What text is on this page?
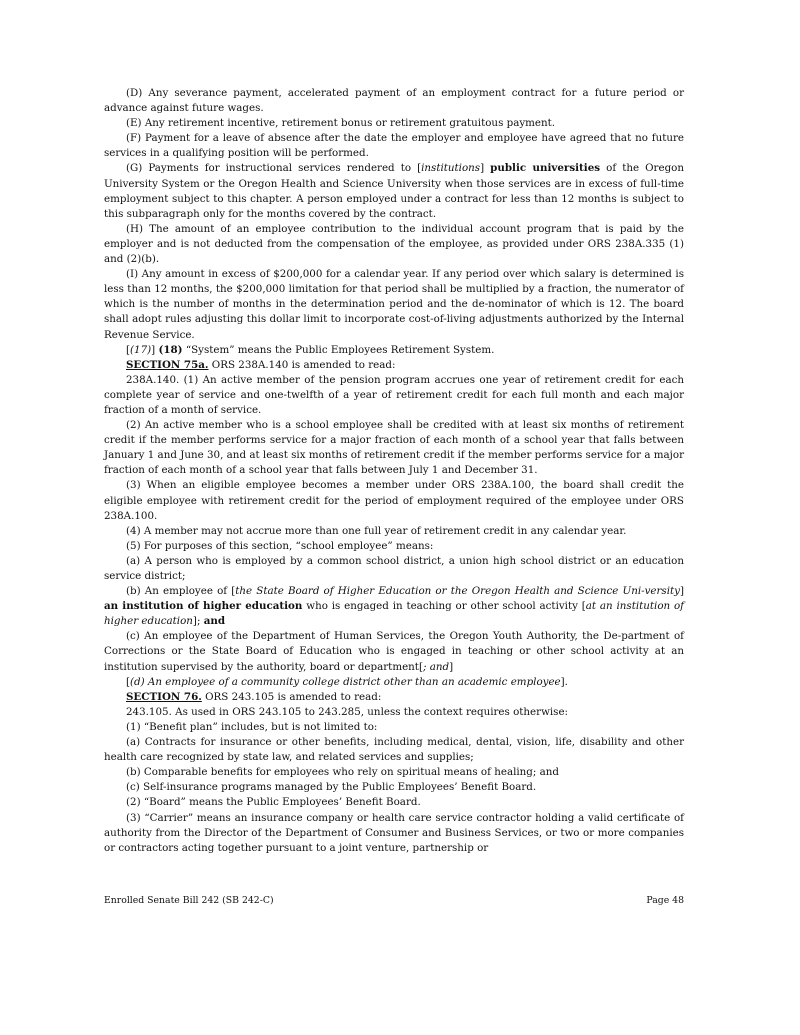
(D) Any severance payment, accelerated payment of an employment contract for a future period or advance against future wages.

(E) Any retirement incentive, retirement bonus or retirement gratuitous payment.

(F) Payment for a leave of absence after the date the employer and employee have agreed that no future services in a qualifying position will be performed.

(G) Payments for instructional services rendered to [institutions] public universities of the Oregon University System or the Oregon Health and Science University when those services are in excess of full-time employment subject to this chapter. A person employed under a contract for less than 12 months is subject to this subparagraph only for the months covered by the contract.

(H) The amount of an employee contribution to the individual account program that is paid by the employer and is not deducted from the compensation of the employee, as provided under ORS 238A.335 (1) and (2)(b).

(I) Any amount in excess of $200,000 for a calendar year. If any period over which salary is determined is less than 12 months, the $200,000 limitation for that period shall be multiplied by a fraction, the numerator of which is the number of months in the determination period and the de-nominator of which is 12. The board shall adopt rules adjusting this dollar limit to incorporate cost-of-living adjustments authorized by the Internal Revenue Service.

[(17)] (18) “System” means the Public Employees Retirement System.

SECTION 75a. ORS 238A.140 is amended to read:

238A.140. (1) An active member of the pension program accrues one year of retirement credit for each complete year of service and one-twelfth of a year of retirement credit for each full month and each major fraction of a month of service.

(2) An active member who is a school employee shall be credited with at least six months of retirement credit if the member performs service for a major fraction of each month of a school year that falls between January 1 and June 30, and at least six months of retirement credit if the member performs service for a major fraction of each month of a school year that falls between July 1 and December 31.

(3) When an eligible employee becomes a member under ORS 238A.100, the board shall credit the eligible employee with retirement credit for the period of employment required of the employee under ORS 238A.100.

(4) A member may not accrue more than one full year of retirement credit in any calendar year.

(5) For purposes of this section, “school employee” means:

(a) A person who is employed by a common school district, a union high school district or an education service district;

(b) An employee of [the State Board of Higher Education or the Oregon Health and Science Uni-versity] an institution of higher education who is engaged in teaching or other school activity [at an institution of higher education]; and

(c) An employee of the Department of Human Services, the Oregon Youth Authority, the De-partment of Corrections or the State Board of Education who is engaged in teaching or other school activity at an institution supervised by the authority, board or department[; and]

[(d) An employee of a community college district other than an academic employee].

SECTION 76. ORS 243.105 is amended to read:

243.105. As used in ORS 243.105 to 243.285, unless the context requires otherwise:

(1) “Benefit plan” includes, but is not limited to:

(a) Contracts for insurance or other benefits, including medical, dental, vision, life, disability and other health care recognized by state law, and related services and supplies;

(b) Comparable benefits for employees who rely on spiritual means of healing; and

(c) Self-insurance programs managed by the Public Employees’ Benefit Board.

(2) “Board” means the Public Employees’ Benefit Board.

(3) “Carrier” means an insurance company or health care service contractor holding a valid certificate of authority from the Director of the Department of Consumer and Business Services, or two or more companies or contractors acting together pursuant to a joint venture, partnership or

Enrolled Senate Bill 242 (SB 242-C)	Page 48
